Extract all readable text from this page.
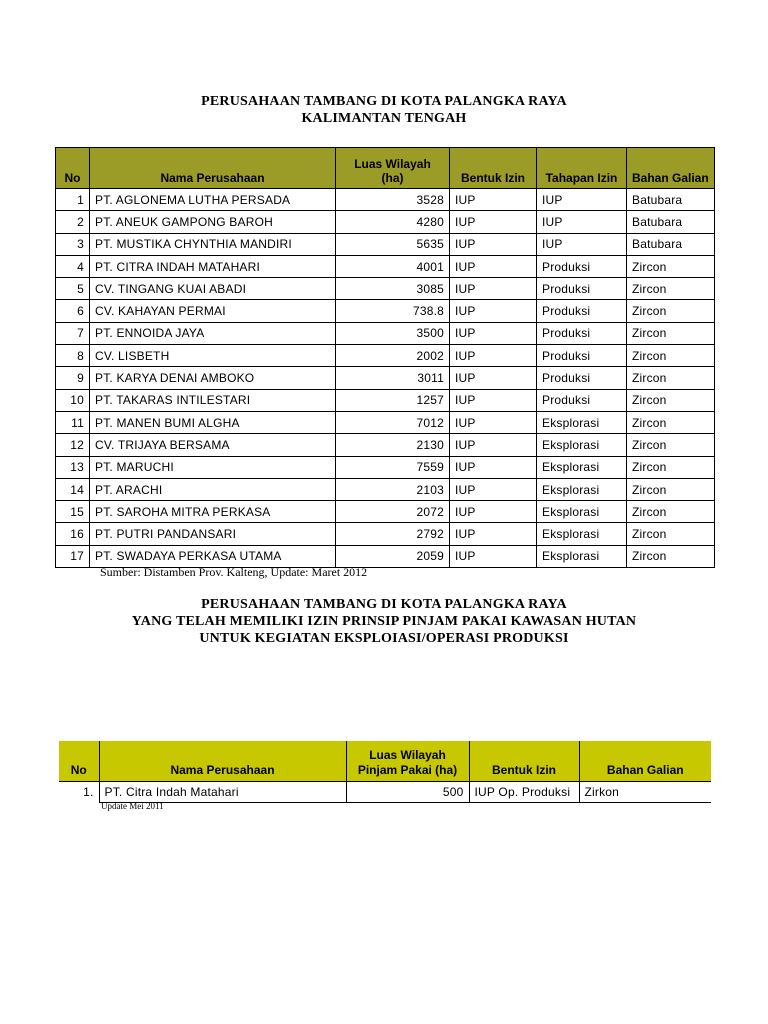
PERUSAHAAN TAMBANG DI KOTA PALANGKA RAYA
KALIMANTAN TENGAH
No	Nama Perusahaan	Luas Wilayah
(ha)	Bentuk Izin	Tahapan Izin	Bahan Galian
1	PT. AGLONEMA LUTHA PERSADA	3528	IUP	IUP	Batubara
2	PT. ANEUK GAMPONG BAROH	4280	IUP	IUP	Batubara
3	PT. MUSTIKA CHYNTHIA MANDIRI	5635	IUP	IUP	Batubara
4	PT. CITRA INDAH MATAHARI	4001	IUP	Produksi	Zircon
5	CV. TINGANG KUAI ABADI	3085	IUP	Produksi	Zircon
6	CV. KAHAYAN PERMAI	738.8	IUP	Produksi	Zircon
7	PT. ENNOIDA JAYA	3500	IUP	Produksi	Zircon
8	CV. LISBETH	2002	IUP	Produksi	Zircon
9	PT. KARYA DENAI AMBOKO	3011	IUP	Produksi	Zircon
10	PT. TAKARAS INTILESTARI	1257	IUP	Produksi	Zircon
11	PT. MANEN BUMI ALGHA	7012	IUP	Eksplorasi	Zircon
12	CV. TRIJAYA BERSAMA	2130	IUP	Eksplorasi	Zircon
13	PT. MARUCHI	7559	IUP	Eksplorasi	Zircon
14	PT. ARACHI	2103	IUP	Eksplorasi	Zircon
15	PT. SAROHA MITRA PERKASA	2072	IUP	Eksplorasi	Zircon
16	PT. PUTRI PANDANSARI	2792	IUP	Eksplorasi	Zircon
17	PT. SWADAYA PERKASA UTAMA	2059	IUP	Eksplorasi	Zircon
Sumber: Distamben Prov. Kalteng, Update: Maret 2012
PERUSAHAAN TAMBANG DI KOTA PALANGKA RAYA
YANG TELAH MEMILIKI IZIN PRINSIP PINJAM PAKAI KAWASAN HUTAN
UNTUK KEGIATAN EKSPLOIASI/OPERASI PRODUKSI
No	Nama Perusahaan	Luas Wilayah
Pinjam Pakai (ha)	Bentuk Izin	Bahan Galian
1.	PT. Citra Indah Matahari	500	IUP Op. Produksi	Zirkon
Update Mei 2011
